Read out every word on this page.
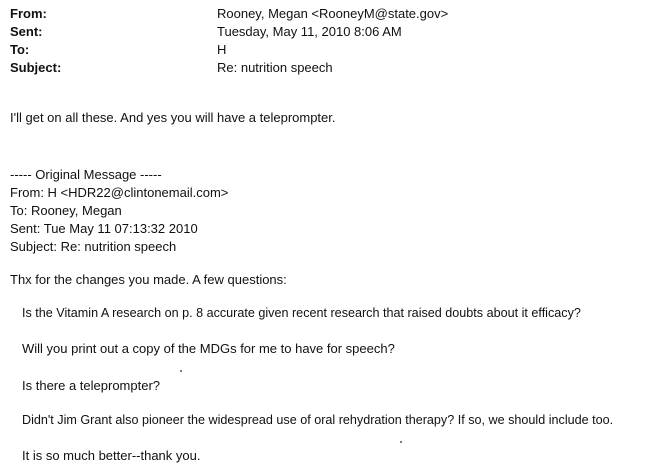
From:	Rooney, Megan <RooneyM@state.gov>
Sent:	Tuesday, May 11, 2010 8:06 AM
To:	H
Subject:	Re: nutrition speech
I'll get on all these. And yes you will have a teleprompter.
----- Original Message -----
From: H <HDR22@clintonemail.com>
To: Rooney, Megan
Sent: Tue May 11 07:13:32 2010
Subject: Re: nutrition speech
Thx for the changes you made. A few questions:
Is the Vitamin A research on p. 8 accurate given recent research that raised doubts about it efficacy?
Will you print out a copy of the MDGs for me to have for speech?
Is there a teleprompter?
Didn't Jim Grant also pioneer the widespread use of oral rehydration therapy? If so, we should include too.
It is so much better--thank you.
